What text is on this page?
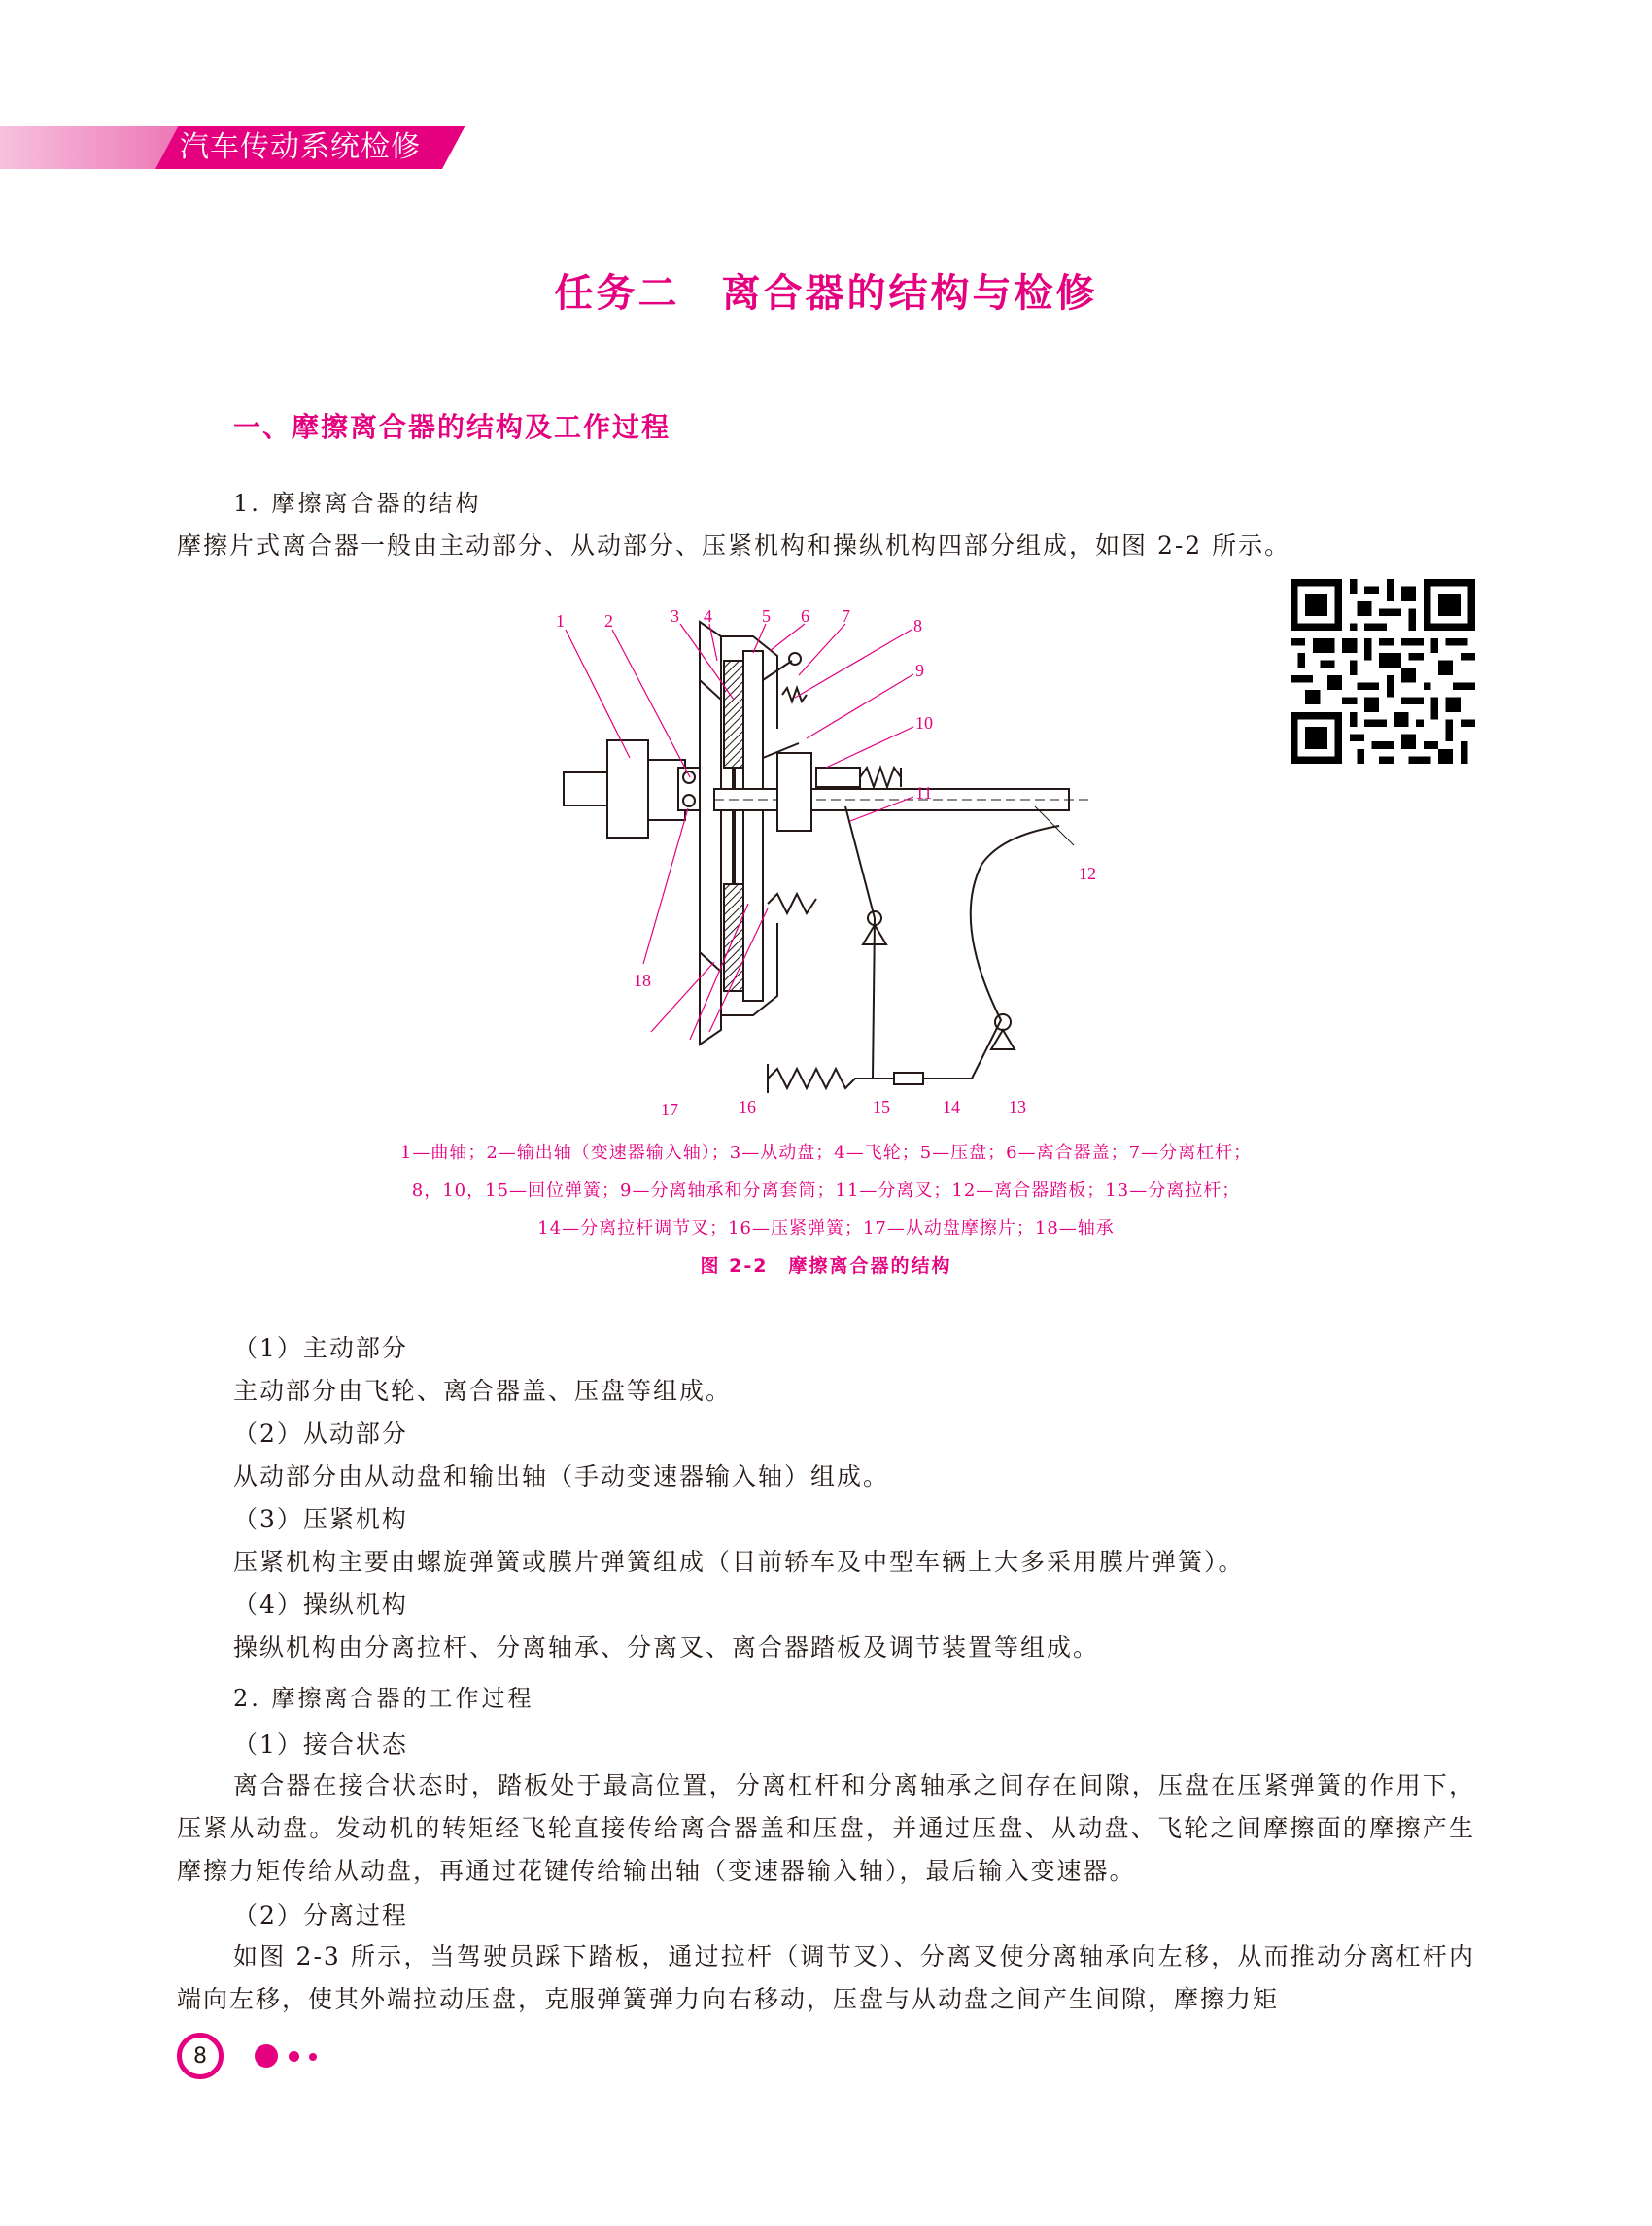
汽车传动系统检修
任务二　离合器的结构与检修
一、摩擦离合器的结构及工作过程
1. 摩擦离合器的结构

摩擦片式离合器一般由主动部分、从动部分、压紧机构和操纵机构四部分组成，如图 2-2 所示。

1 2	3 4	5 6 7	8
9
10
11
12
13
14
15
16
17
18
1—曲轴；2—输出轴（变速器输入轴）；3—从动盘；4—飞轮；5—压盘；6—离合器盖；7—分离杠杆；
8，10，15—回位弹簧；9—分离轴承和分离套筒；11—分离叉；12—离合器踏板；13—分离拉杆；
14—分离拉杆调节叉；16—压紧弹簧；17—从动盘摩擦片；18—轴承
图 2-2　摩擦离合器的结构
（1）主动部分
主动部分由飞轮、离合器盖、压盘等组成。
（2）从动部分
从动部分由从动盘和输出轴（手动变速器输入轴）组成。
（3）压紧机构
压紧机构主要由螺旋弹簧或膜片弹簧组成（目前轿车及中型车辆上大多采用膜片弹簧）。
（4）操纵机构
操纵机构由分离拉杆、分离轴承、分离叉、离合器踏板及调节装置等组成。
2. 摩擦离合器的工作过程
（1）接合状态

离合器在接合状态时，踏板处于最高位置，分离杠杆和分离轴承之间存在间隙，压盘在压紧弹簧的作用下，压紧从动盘。发动机的转矩经飞轮直接传给离合器盖和压盘，并通过压盘、从动盘、飞轮之间摩擦面的摩擦产生摩擦力矩传给从动盘，再通过花键传给输出轴（变速器输入轴），最后输入变速器。

（2）分离过程

如图 2-3 所示，当驾驶员踩下踏板，通过拉杆（调节叉）、分离叉使分离轴承向左移，从而推动分离杠杆内端向左移，使其外端拉动压盘，克服弹簧弹力向右移动，压盘与从动盘之间产生间隙，摩擦力矩

8
